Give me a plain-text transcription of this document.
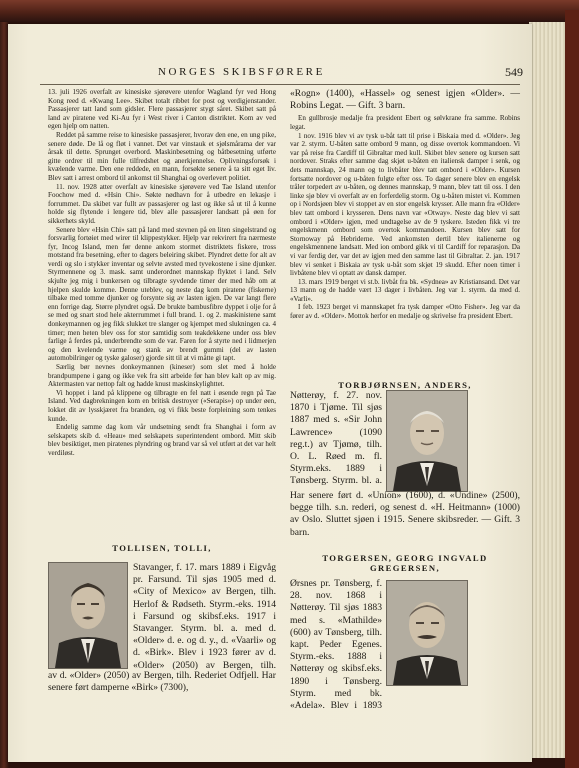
NORGES SKIBSFØRERE	549

13. juli 1926 overfalt av kinesiske sjørøvere utenfor Wagland fyr ved Hong Kong reed d. «Kwang Lee». Skibet totalt ribbet for post og verdigjenstander. Passasjerer tatt land som gidsler. Flere passasjerer stygt såret. Skibet satt på land av piratene ved Ki-Au fyr i West river i Canton distriktet. Kom av ved egen hjelp om natten.

Reddet på samme reise to kinesiske passasjerer, hvorav den ene, en ung pike, senere døde. De lå og fløt i vannet. Det var vinstauk et sjølsmårama der var årsak til dette. Sprunget overbord. Maskinbesetning og båtbesetning utførte gitte ordrer til min fulle tilfredshet og anerkjennelse. Oplivningsforsøk i kvælende varme. Den ene reddede, en mann, forsøkte senere å ta sitt eget liv. Blev satt i arrest ombord til ankomst til Shanghai og overlevert politiet.

11. nov. 1928 atter overfalt av kinesiske sjørøvere ved Tae Island utenfor Foochow med d. «Hsin Chi». Søkte nødhavn for å utbedre en lekasje i forrummet. Da skibet var fullt av passasjerer og last og ikke så ut til å kunne holde sig flytende i lengere tid, blev alle passasjerer landsatt på øen for sikkerhets skyld.

Senere blev «Hsin Chi» satt på land med stevnen på en liten singelstrand og forsvarlig fortøiet med wirer til klippestykker. Hjelp var rekvirert fra nærmeste fyr, Incog Island, men før denne ankom stormet distriktets fiskere, tross motstand fra besetning, efter to dagers beleiring skibet. Plyndret dette for alt av verdi og slo i stykker inventar og selvte avsted med tyvekostene i sine djunker. Styrmennene og 3. mask. samt underordnet mannskap flyktet i land. Selv skjulte jeg mig i bunkersen og tilbragte syvdende timer der med håb om at hjelpen skulde komme. Denne uteblev, og neste dag kom piratene (fiskerne) tilbake med tomme djunker og forsynte sig av lasten igjen. De var langt flere enn forrige dag. Større plyndret også. De brukte bambusfibre dyppet i olje for å se med og snart stod hele akterrummet i full brand. 1. og 2. maskinistene samt donkeymannen og jeg fikk slukket tre slanger og kjempet med slukningen ca. 4 timer; men heten blev oss for stor samtidig som teakdekkene under oss blev farlige å ferdes på, underbrendte som de var. Faren for å styrte ned i lidmerjen og den kvelende varme og stank av brendt gummi (del av lasten automobilringer og tyske galoser) gjorde sitt til at vi måtte gi tapt.

Særlig bør nevnes donkeymannen (kineser) som slet med å holde brandpumpene i gang og ikke vek fra sitt arbeide før han blev kalt op av mig. Aktermasten var nettop falt og hadde knust maskinskylighttet.

Vi hoppet i land på klippene og tilbragte en fel natt i øsende regn på Tae Island. Ved dagbrekningen kom en britisk destroyer («Serapis») op under øen, lokket dit av lysskjæret fra branden, og vi fikk beste forpleining som tenkes kunde.

Endelig samme dag kom vår undsetning sendt fra Shanghai i form av selskapets skib d. «Heau» med selskapets superintendent ombord. Mitt skib blev besiktiget, men piratenes plyndring og brand var så vel utført at det var helt verdiløst.

TOLLISEN, TOLLI,
Stavanger, f. 17. mars 1889 i Eigvåg pr. Farsund. Til sjøs 1905 med d. «City of Mexico» av Bergen, tilh. Herlof & Rødseth. Styrm.-eks. 1914 i Farsund og skibsf.eks. 1917 i Stavanger. Styrm. bl. a. med d. «Older» d. e. og d. y., d. «Vaarli» og d. «Birk». Blev i 1923 fører av d. «Older» (2050) av Bergen, tilh.
av d. «Older» (2050) av Bergen, tilh. Rederiet Odfjell. Har senere ført damperne «Birk» (7300),
«Rogn» (1400), «Hassel» og senest igjen «Older». — Robins Legat. — Gift. 3 barn.

En gullbrosje medalje fra president Ebert og sølvkrane fra samme. Robins legat.

1 nov. 1916 blev vi av tysk u-båt tatt til prise i Biskaia med d. «Older». Jeg var 2. styrm. U-båten satte ombord 9 mann, og disse overtok kommandoen. Vi var på reise fra Cardiff til Gibraltar med kull. Skibet blev senere og kursen satt nordover. Straks efter samme dag skjøt u-båten en italiensk damper i senk, og dets mannskap, 24 mann og to livbåter blev tatt ombord i «Older». Kursen fortsatte nordover og u-båten fulgte efter oss. To dager senere blev en engelsk tråler torpedert av u-båten, og dennes mannskap, 9 mann, blev tatt til oss. I den linke sjø blev vi overfalt av en forferdelig storm. Og u-båten mistet vi. Kommen op i Nordsjøen blev vi stoppet av en stor engelsk krysser. Alle mann fra «Older» blev tatt ombord i krysseren. Dens navn var «Otway». Neste dag blev vi satt ombord i «Older» igjen, med undtagelse av de 9 tyskere. Isteden fikk vi tre engelskmenn ombord som overtok kommandoen. Kursen blev satt for Stornoway på Hebriderne. Ved ankomsten dertil blev italienerne og engelskmennene landsatt. Med ion ombord gikk vi til Cardiff for reparasjon. Da vi var ferdig der, var det av igjen med den samme last til Gibraltar. 2. jan. 1917 blev vi senket i Biskaia av tysk u-båt som skjøt 19 skudd. Efter noen timer i livbåtene blev vi optatt av dansk damper.

13. mars 1919 berget vi st.b. livbåt fra bk. «Sydnea» av Kristiansand. Det var 13 mann og de hadde vært 13 dager i livbåten. Jeg var 1. styrm. da med d. «Varli».

I feb. 1923 berget vi mannskapet fra tysk damper «Otto Fisher». Jeg var da fører av d. «Older». Mottok herfor en medalje og skrivelse fra president Ebert.

TORBJØRNSEN, ANDERS,
Nøtterøy, f. 27. nov. 1870 i Tjøme. Til sjøs 1887 med s. «Sir John Lawrence» (1090 reg.t.) av Tjømø, tilh. O. L. Røed m. fl. Styrm.eks. 1889 i Tønsberg. Styrm. bl. a.
Har senere ført d. «Union» (1600), d. «Undine» (2500), begge tilh. s.n. rederi, og senest d. «H. Heitmann» (1000) av Oslo. Sluttet sjøen i 1915. Senere skibsreder. — Gift. 3 barn.
TORGERSEN, GEORG INGVALD GREGERSEN,
Ørsnes pr. Tønsberg, f. 28. nov. 1868 i Nøtterøy. Til sjøs 1883 med s. «Mathilde» (600) av Tønsberg, tilh. kapt. Peder Egenes. Styrm.-eks. 1888 i Nøtterøy og skibsf.eks. 1890 i Tønsberg. Styrm. med bk. «Adela». Blev i 1893
